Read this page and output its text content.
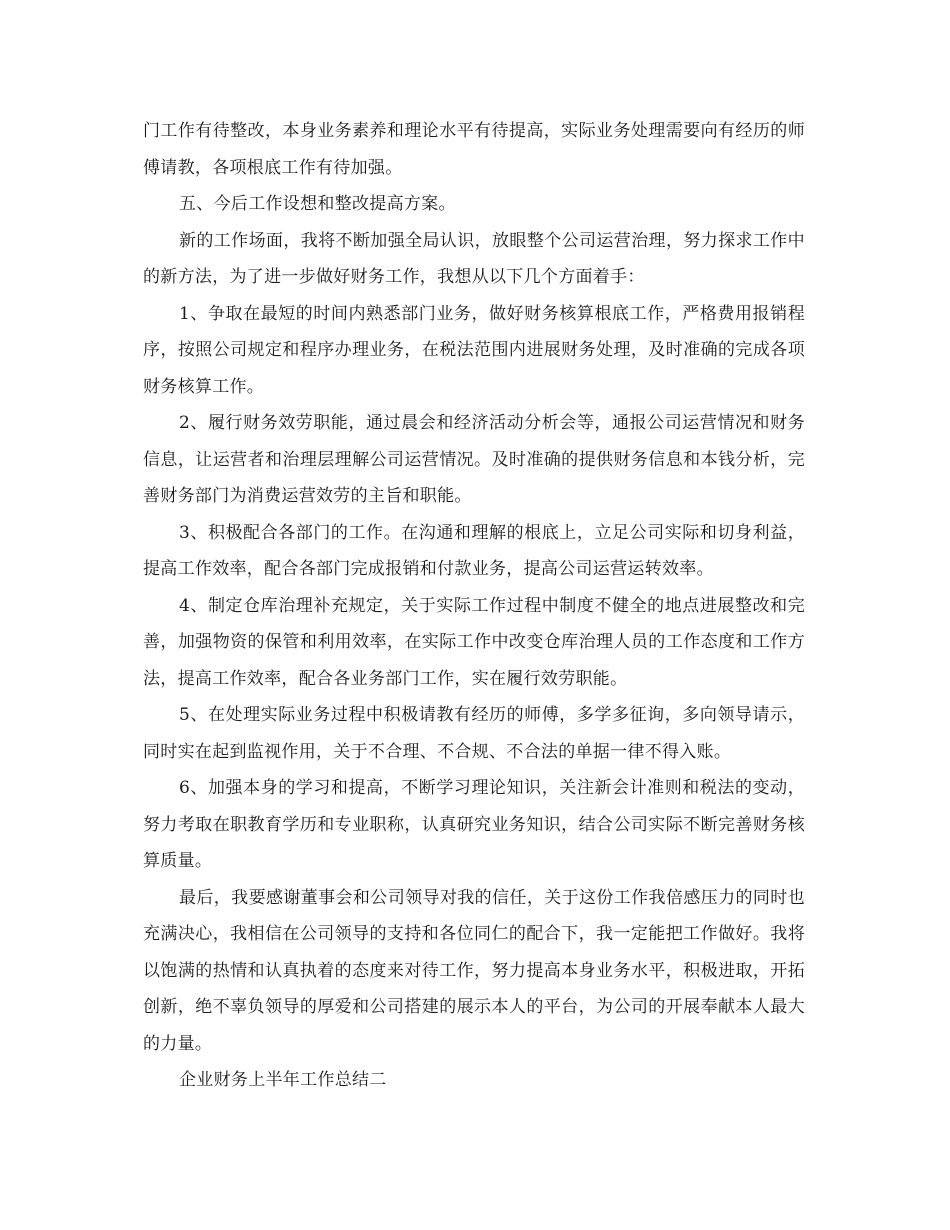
门工作有待整改，本身业务素养和理论水平有待提高，实际业务处理需要向有经历的师傅请教，各项根底工作有待加强。

五、今后工作设想和整改提高方案。

新的工作场面，我将不断加强全局认识，放眼整个公司运营治理，努力探求工作中的新方法，为了进一步做好财务工作，我想从以下几个方面着手：

1、争取在最短的时间内熟悉部门业务，做好财务核算根底工作，严格费用报销程序，按照公司规定和程序办理业务，在税法范围内进展财务处理，及时准确的完成各项财务核算工作。

2、履行财务效劳职能，通过晨会和经济活动分析会等，通报公司运营情况和财务信息，让运营者和治理层理解公司运营情况。及时准确的提供财务信息和本钱分析，完善财务部门为消费运营效劳的主旨和职能。

3、积极配合各部门的工作。在沟通和理解的根底上，立足公司实际和切身利益，提高工作效率，配合各部门完成报销和付款业务，提高公司运营运转效率。

4、制定仓库治理补充规定，关于实际工作过程中制度不健全的地点进展整改和完善，加强物资的保管和利用效率，在实际工作中改变仓库治理人员的工作态度和工作方法，提高工作效率，配合各业务部门工作，实在履行效劳职能。

5、在处理实际业务过程中积极请教有经历的师傅，多学多征询，多向领导请示，同时实在起到监视作用，关于不合理、不合规、不合法的单据一律不得入账。

6、加强本身的学习和提高，不断学习理论知识，关注新会计准则和税法的变动，努力考取在职教育学历和专业职称，认真研究业务知识，结合公司实际不断完善财务核算质量。

最后，我要感谢董事会和公司领导对我的信任，关于这份工作我倍感压力的同时也充满决心，我相信在公司领导的支持和各位同仁的配合下，我一定能把工作做好。我将以饱满的热情和认真执着的态度来对待工作，努力提高本身业务水平，积极进取，开拓创新，绝不辜负领导的厚爱和公司搭建的展示本人的平台，为公司的开展奉献本人最大的力量。

企业财务上半年工作总结二
